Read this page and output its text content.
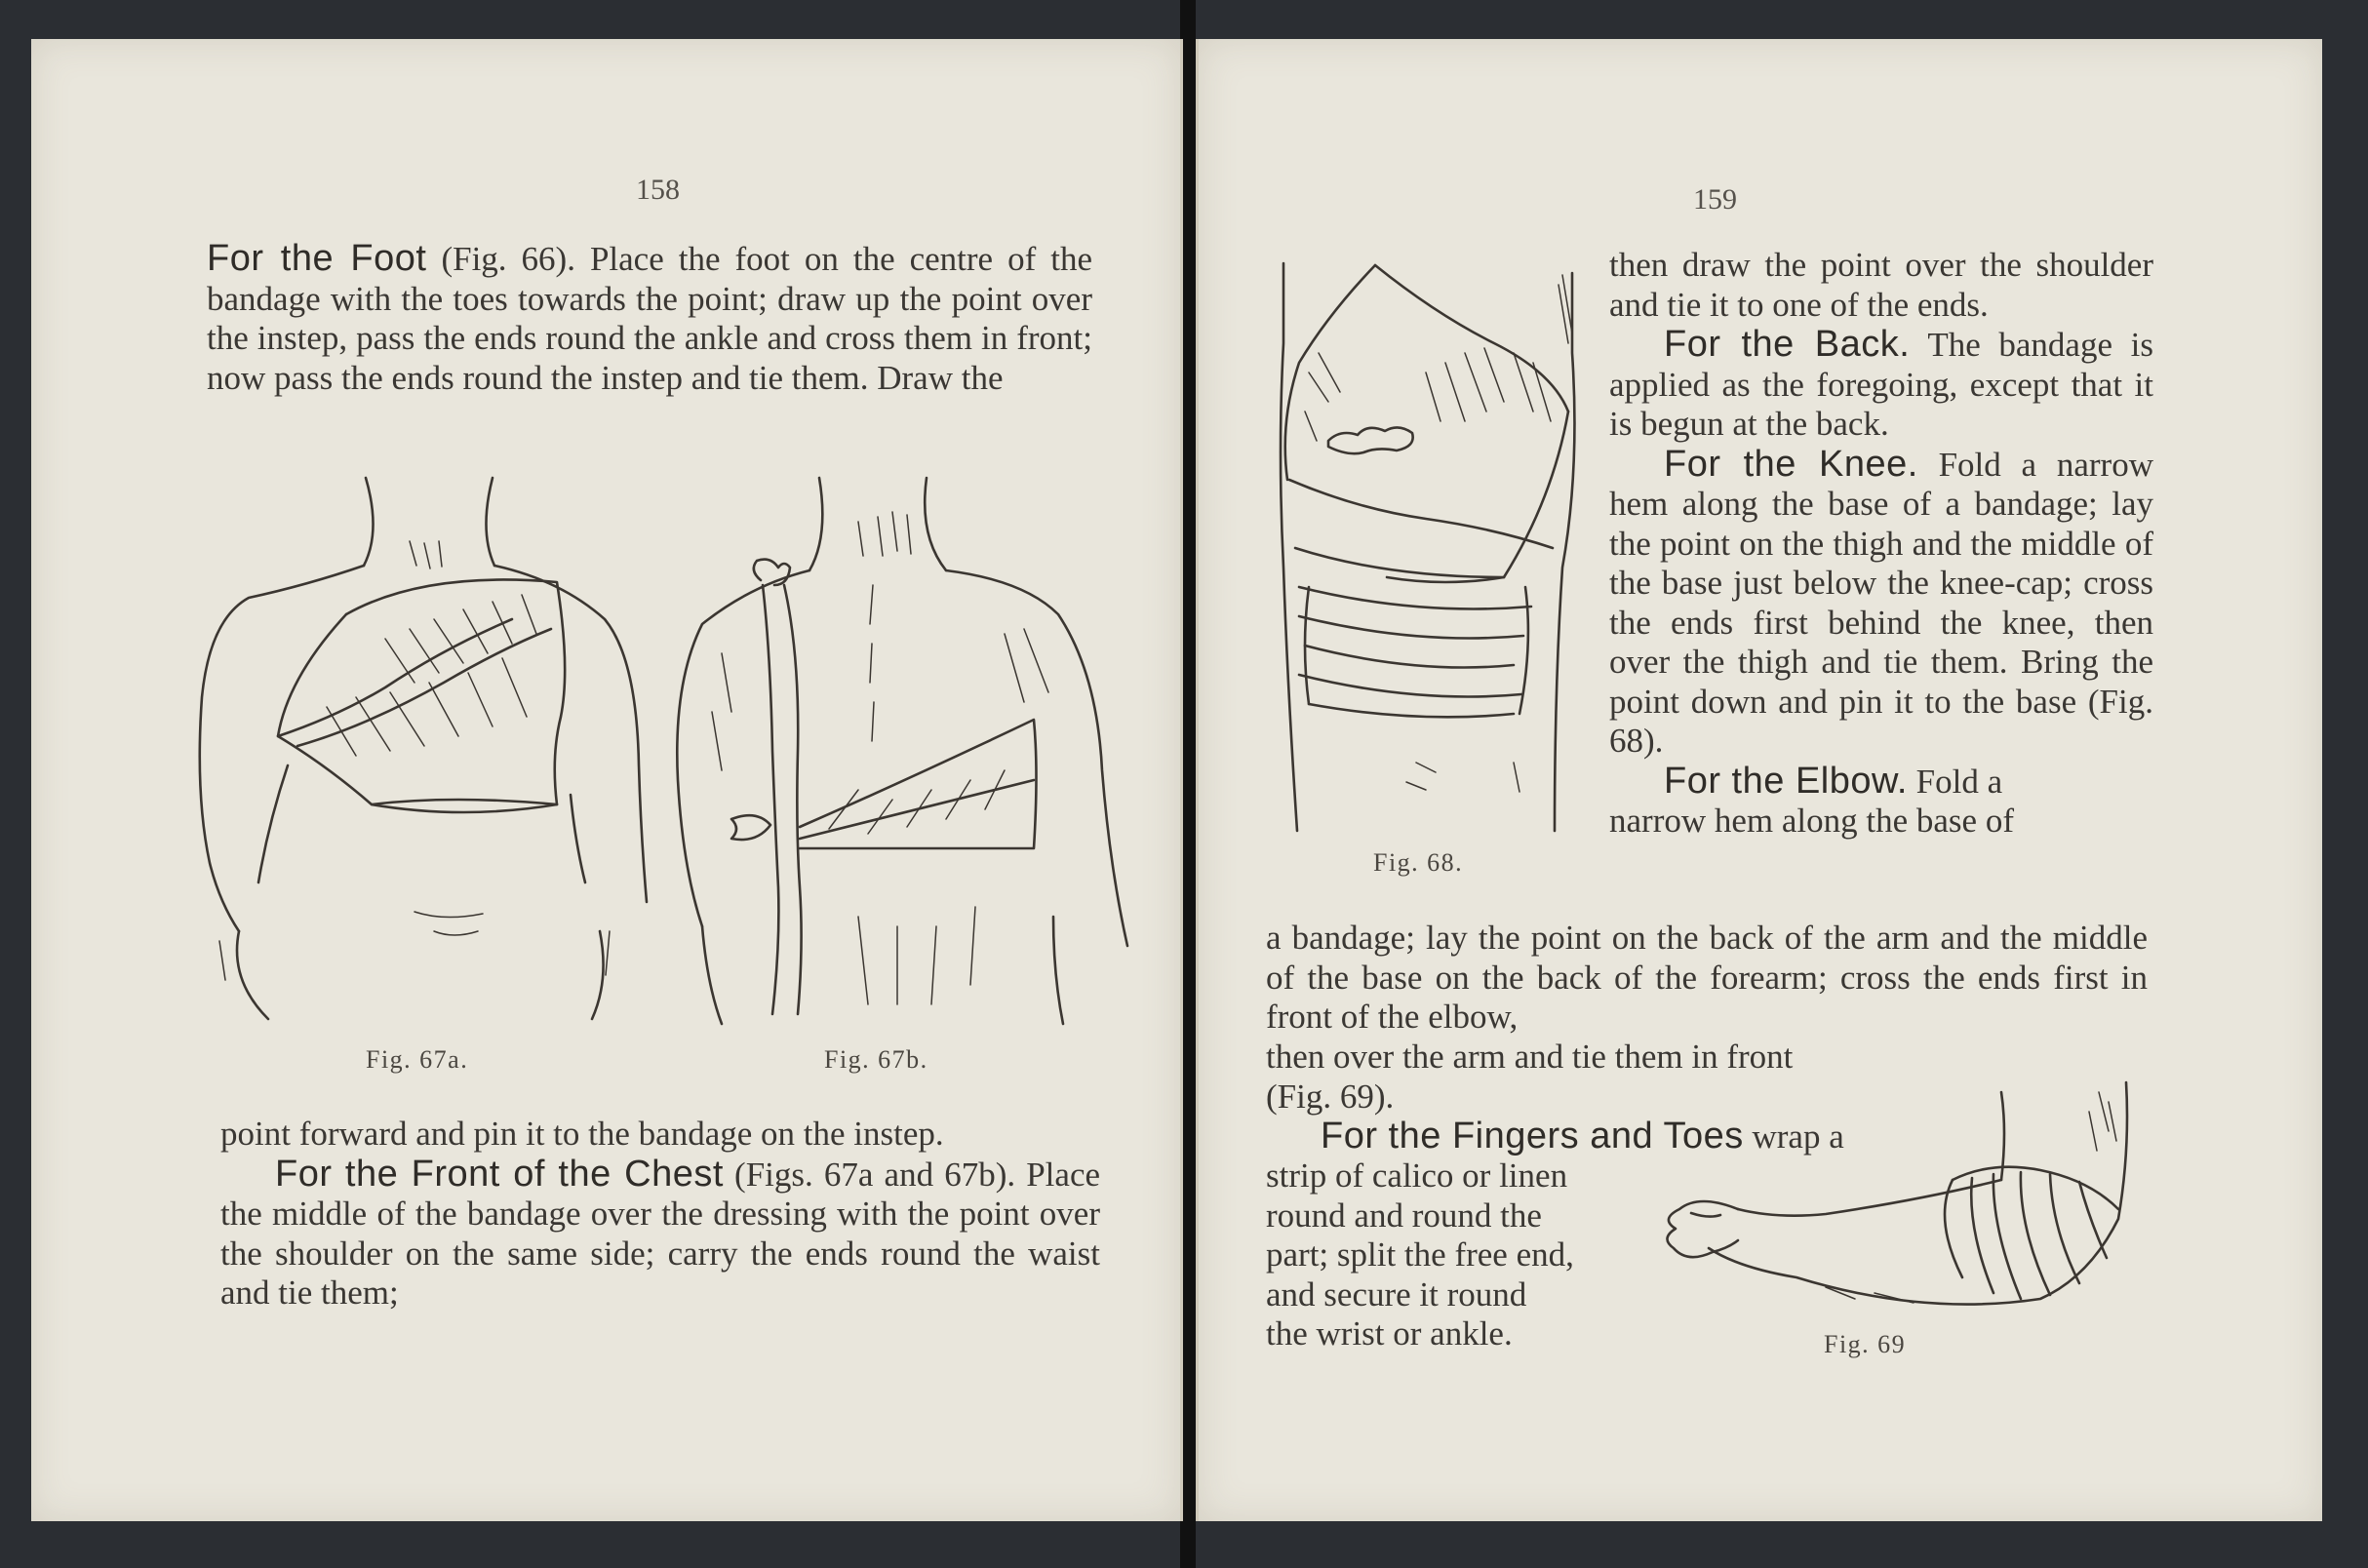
158

For the Foot (Fig. 66). Place the foot on the centre of the bandage with the toes towards the point; draw up the point over the instep, pass the ends round the ankle and cross them in front; now pass the ends round the instep and tie them. Draw the

Fig. 67a.	Fig. 67b.

point forward and pin it to the bandage on the instep.

For the Front of the Chest (Figs. 67a and 67b). Place the middle of the bandage over the dressing with the point over the shoulder on the same side; carry the ends round the waist and tie them;

159
Fig. 68.

then draw the point over the shoulder and tie it to one of the ends.

For the Back. The bandage is applied as the foregoing, except that it is begun at the back.

For the Knee. Fold a narrow hem along the base of a bandage; lay the point on the thigh and the middle of the base just below the knee-cap; cross the ends first behind the knee, then over the thigh and tie them. Bring the point down and pin it to the base (Fig. 68).

For the Elbow. Fold a

narrow hem along the base of

a bandage; lay the point on the back of the arm and the middle of the base on the back of the forearm; cross the ends first in front of the elbow,

then over the arm and tie them in front

(Fig. 69).

For the Fingers and Toes wrap a

strip of calico or linen

round and round the

part; split the free end,

and secure it round

the wrist or ankle.	Fig. 69
